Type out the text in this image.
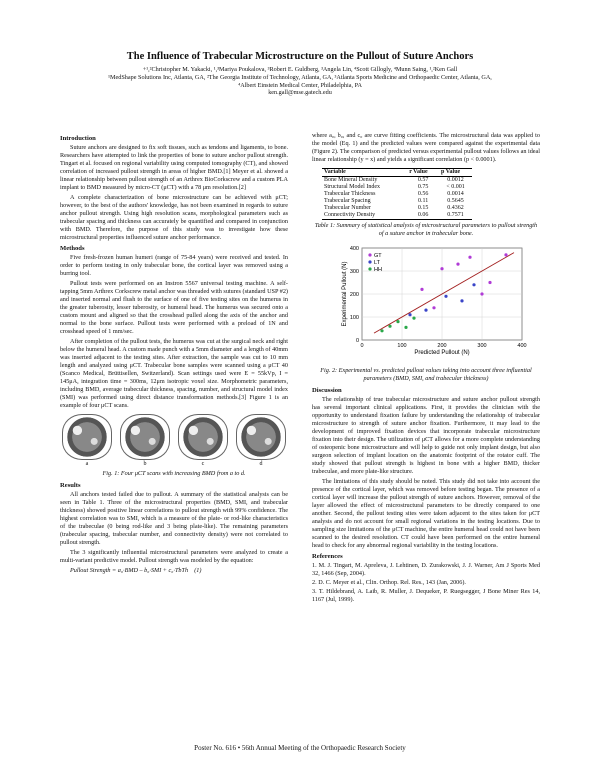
The Influence of Trabecular Microstructure on the Pullout of Suture Anchors
+¹,²Christopher M. Yakacki, ¹,³Mariya Poukalova, ³Robert E. Guldberg, ³Angela Lin, ⁴Scott Gillogly, ⁴Munn Saing, ¹,²Ken Gall
¹MedShape Solutions Inc, Atlanta, GA, ²The Georgia Institute of Technology, Atlanta, GA, ³Atlanta Sports Medicine and Orthopaedic Center, Atlanta, GA,
⁴Albert Einstein Medical Center, Philadelphia, PA
ken.gall@mse.gatech.edu
Introduction

Suture anchors are designed to fix soft tissues, such as tendons and ligaments, to bone. Researchers have attempted to link the properties of bone to suture anchor pullout strength. Tingart et al. focused on regional variability using computed tomography (CT), and showed correlation of increased pullout strength in areas of higher BMD.[1] Meyer et al. showed a linear relationship between pullout strength of an Arthrex BioCorkscrew and a custom PLA implant to BMD measured by micro-CT (μCT) with a 78 μm resolution.[2]

A complete characterization of bone microstructure can be achieved with μCT; however, to the best of the authors' knowledge, has not been examined in regards to suture anchor pullout strength. Using high resolution scans, morphological parameters such as trabecular spacing and thickness can accurately be quantified and compared in conjunction with BMD. Therefore, the purpose of this study was to investigate how these microstructural properties influenced suture anchor performance.

Methods

Five fresh-frozen human humeri (range of 75-84 years) were received and tested. In order to perform testing in only trabecular bone, the cortical layer was removed using a burring tool.

Pullout tests were performed on an Instron 5567 universal testing machine. A self-tapping 5mm Arthrex Corkscrew metal anchor was threaded with sutures (standard USP #2) and inserted normal and flush to the surface of one of five testing sites on the humerus in the greater tuberosity, lesser tuberosity, or humeral head. The humerus was secured onto a custom mount and aligned so that the crosshead pulled along the axis of the anchor and normal to the bone surface. Pullout tests were performed with a preload of 1N and crosshead speed of 1 mm/sec.

After completion of the pullout tests, the humerus was cut at the surgical neck and right below the humeral head. A custom made punch with a 5mm diameter and a length of 40mm was inserted adjacent to the testing sites. After extraction, the sample was cut to 10 mm length and analyzed using μCT. Trabecular bone samples were scanned using a μCT 40 (Scanco Medical, Brüttisellen, Switzerland). Scan settings used were E = 55kVp, I = 145μA, integration time = 300ms, 12μm isotropic voxel size. Morphometric parameters, including BMD, average trabecular thickness, spacing, number, and structural model index (SMI) was performed using direct distance transformation methods.[3] Figure 1 is an example of four μCT scans.

a	b	c	d

Fig. 1: Four μCT scans with increasing BMD from a to d.

Results

All anchors tested failed due to pullout. A summary of the statistical analysis can be seen in Table 1. Three of the microstructural properties (BMD, SMI, and trabecular thickness) showed positive linear correlations to pullout strength with 99% confidence. The highest correlation was to SMI, which is a measure of the plate- or rod-like characteristics of the trabeculae (0 being rod-like and 3 being plate-like). The remaining parameters (trabecular spacing, trabecular number, and connectivity density) were not correlated to pullout strength.

The 3 significantly influential microstructural parameters were analyzed to create a multi-variant predictive model. Pullout strength was modeled by the equation:

Pullout Strength = a₀·BMD – b₀·SMI + c₀·TbTh (1)

where a₀, b₀, and c₀ are curve fitting coefficients. The microstructural data was applied to the model (Eq. 1) and the predicted values were compared against the experimental data (Figure 2). The comparison of predicted versus experimental pullout values follows an ideal linear relationship (y = x) and yields a significant correlation (p < 0.0001).

Variable	r Value	p Value
Bone Mineral Density	0.57	0.0012
Structural Model Index	0.75	< 0.001
Trabecular Thickness	0.56	0.0014
Trabecular Spacing	0.11	0.5645
Trabecular Number	0.15	0.4362
Connectivity Density	0.06	0.7571

Table 1: Summary of statistical analysis of microstructural parameters to pullout strength of a suture anchor in trabecular bone.

0
100
200
300
400
0	100	200	300	400
Predicted Pullout (N)
Experimental Pullout (N)
GT
LT
HH

Fig. 2: Experimental vs. predicted pullout values taking into account three influential parameters (BMD, SMI, and trabecular thickness)

Discussion

The relationship of true trabecular microstructure and suture anchor pullout strength has several important clinical applications. First, it provides the clinician with the opportunity to understand fixation failure by understanding the relationship of trabecular microstructure to strength of suture anchor fixation. Furthermore, it may lead to the development of improved fixation devices that incorporate trabecular microstructure fixation into their design. The utilization of μCT allows for a more complete understanding of osteopenic bone microstructure and will help to guide not only implant design, but also surgeon selection of implant location on the anatomic footprint of the rotator cuff. The study showed that pullout strength is highest in bone with a higher BMD, thicker trabeculae, and more plate-like structure.

The limitations of this study should be noted. This study did not take into account the presence of the cortical layer, which was removed before testing began. The presence of a cortical layer will increase the pullout strength of suture anchors. However, removal of the layer allowed the effect of microstructural parameters to be directly compared to one another. Second, the pullout testing sites were taken adjacent to the sites taken for μCT analysis and do not account for small regional variations in the testing locations. Due to sampling size limitations of the μCT machine, the entire humeral head could not have been scanned to the desired resolution. CT could have been performed on the entire humeral head to check for any abnormal regional variability in the testing locations.

References
1. M. J. Tingart, M. Apreleva, J. Lehtinen, D. Zurakowski, J. J. Warner, Am J Sports Med 32, 1466 (Sep, 2004).
2. D. C. Meyer et al., Clin. Orthop. Rel. Res., 143 (Jan, 2006).
3. T. Hildebrand, A. Laib, R. Muller, J. Dequeker, P. Ruegsegger, J Bone Miner Res 14, 1167 (Jul, 1999).
Poster No. 616 • 56th Annual Meeting of the Orthopaedic Research Society
